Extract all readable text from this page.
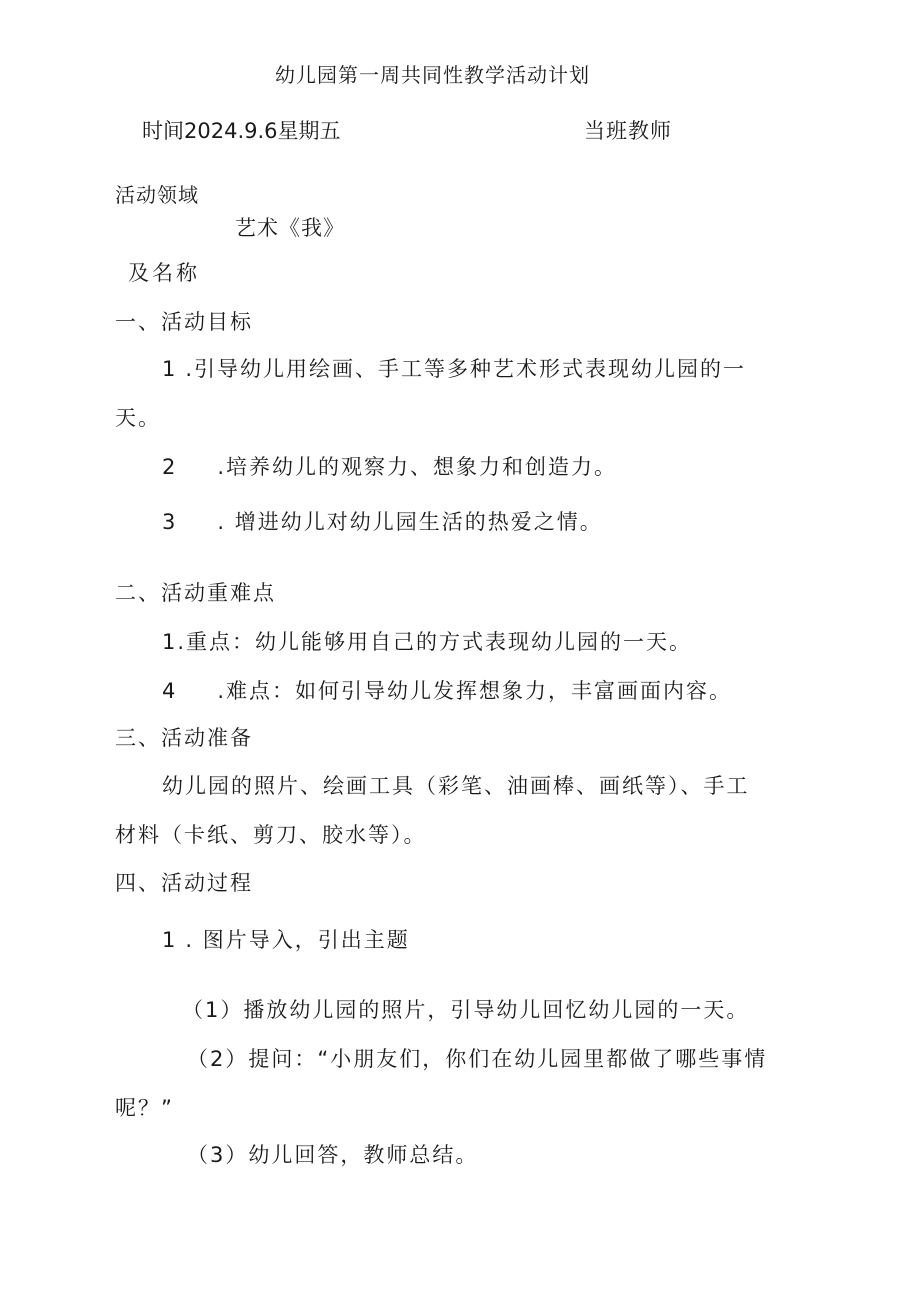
幼儿园第一周共同性教学活动计划
时间2024.9.6星期五	当班教师
活动领域
艺术《我》
及名称
一、活动目标
1 .引导幼儿用绘画、手工等多种艺术形式表现幼儿园的一
天。
2 .培养幼儿的观察力、想象力和创造力。
3 . 增进幼儿对幼儿园生活的热爱之情。
二、活动重难点
1.重点：幼儿能够用自己的方式表现幼儿园的一天。
4 .难点：如何引导幼儿发挥想象力，丰富画面内容。
三、活动准备
幼儿园的照片、绘画工具（彩笔、油画棒、画纸等）、手工
材料（卡纸、剪刀、胶水等）。
四、活动过程
1 . 图片导入，引出主题
（1）播放幼儿园的照片，引导幼儿回忆幼儿园的一天。
（2）提问：“小朋友们，你们在幼儿园里都做了哪些事情
呢？”
（3）幼儿回答，教师总结。
